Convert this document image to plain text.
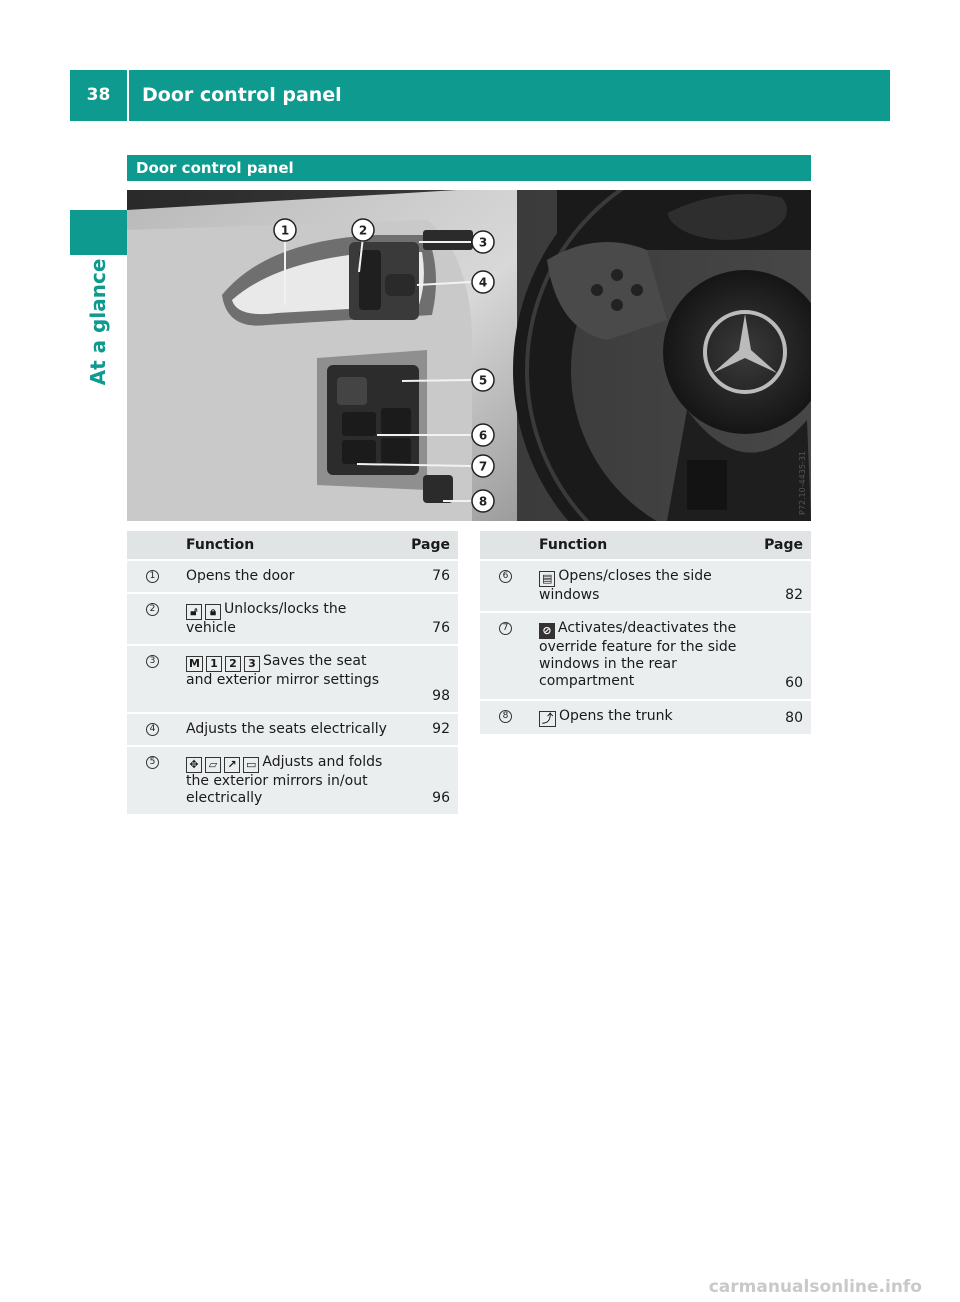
38	Door control panel
At a glance
Door control panel
1	2
3
4
5
6
7
8	P72.10-4435-31
	Function	Page
1	Opens the door	76
2	🔓︎ 🔒︎ Unlocks/locks the vehicle	76
3	M 1 2 3 Saves the seat and exterior mirror settings	98
4	Adjusts the seats electrically	92
5	✥ ▱ ↗ ▭ Adjusts and folds the exterior mirrors in/out electrically	96
	Function	Page
6	▤ Opens/closes the side windows	82
7	⊘ Activates/deactivates the override feature for the side windows in the rear compartment	60
8	⤴ Opens the trunk	80
carmanualsonline.info
